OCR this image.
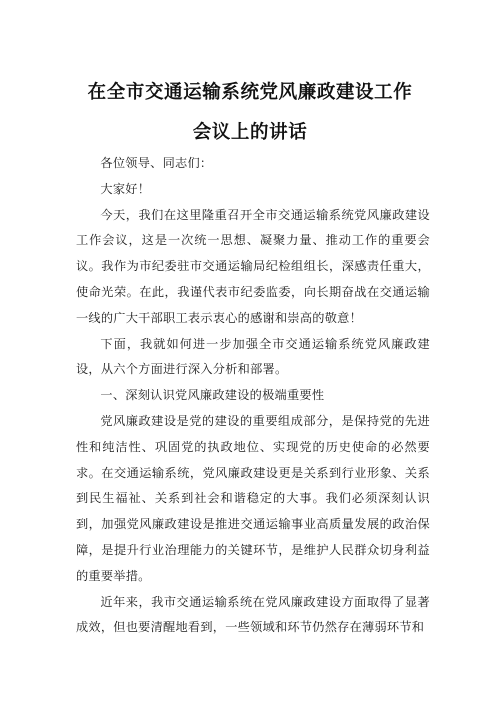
在全市交通运输系统党风廉政建设工作
会议上的讲话

各位领导、同志们：

大家好！

今天，我们在这里隆重召开全市交通运输系统党风廉政建设工作会议，这是一次统一思想、凝聚力量、推动工作的重要会议。我作为市纪委驻市交通运输局纪检组组长，深感责任重大，使命光荣。在此，我谨代表市纪委监委，向长期奋战在交通运输一线的广大干部职工表示衷心的感谢和崇高的敬意！

下面，我就如何进一步加强全市交通运输系统党风廉政建设，从六个方面进行深入分析和部署。

一、深刻认识党风廉政建设的极端重要性

党风廉政建设是党的建设的重要组成部分，是保持党的先进性和纯洁性、巩固党的执政地位、实现党的历史使命的必然要求。在交通运输系统，党风廉政建设更是关系到行业形象、关系到民生福祉、关系到社会和谐稳定的大事。我们必须深刻认识到，加强党风廉政建设是推进交通运输事业高质量发展的政治保障，是提升行业治理能力的关键环节，是维护人民群众切身利益的重要举措。

近年来，我市交通运输系统在党风廉政建设方面取得了显著成效，但也要清醒地看到，一些领域和环节仍然存在薄弱环节和
